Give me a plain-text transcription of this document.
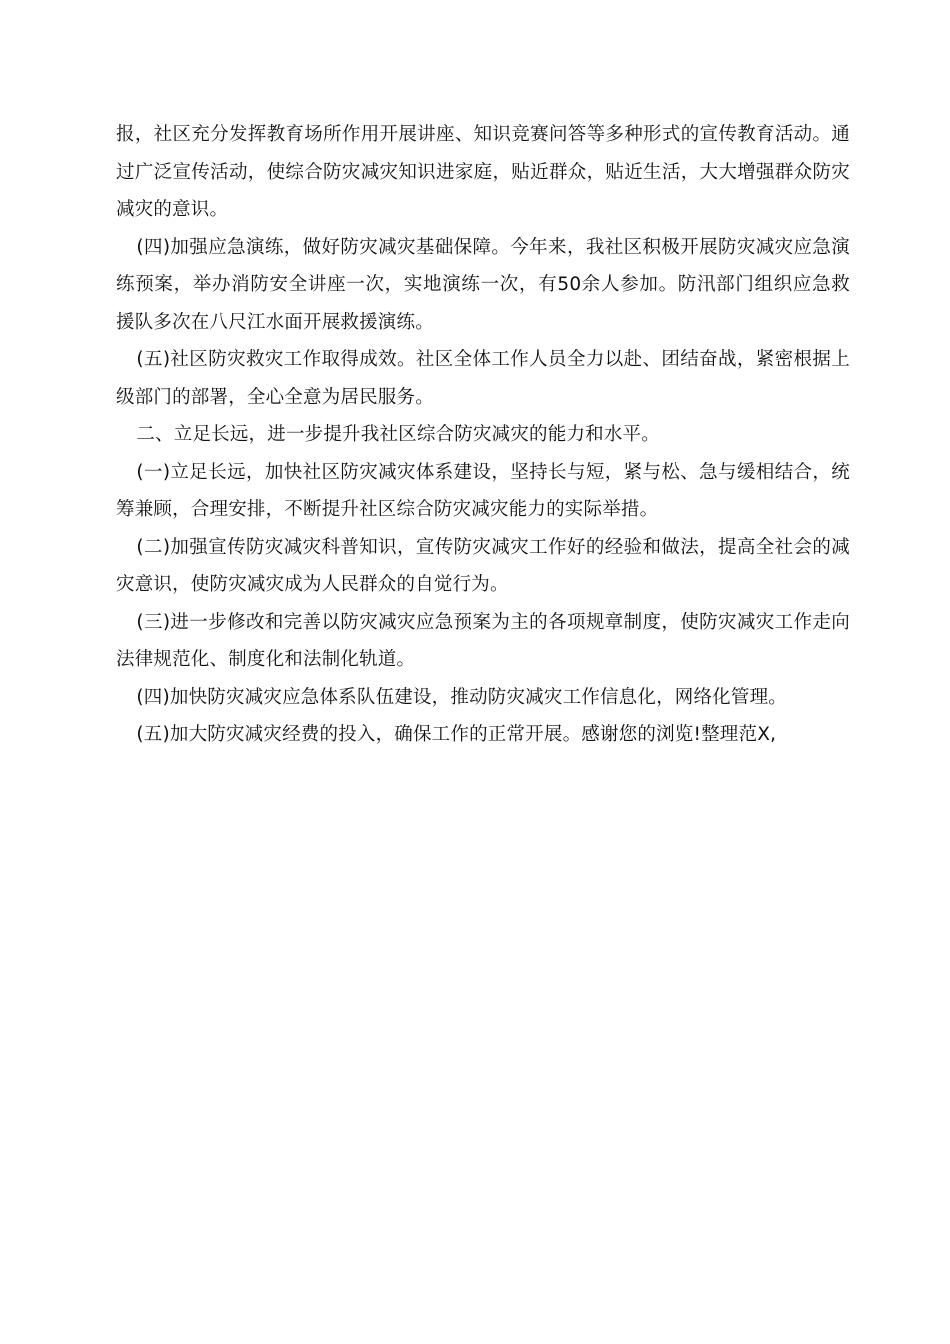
报，社区充分发挥教育场所作用开展讲座、知识竞赛问答等多种形式的宣传教育活动。通过广泛宣传活动，使综合防灾减灾知识进家庭，贴近群众，贴近生活，大大增强群众防灾减灾的意识。

(四)加强应急演练，做好防灾减灾基础保障。今年来，我社区积极开展防灾减灾应急演练预案，举办消防安全讲座一次，实地演练一次，有50余人参加。防汛部门组织应急救援队多次在八尺江水面开展救援演练。

(五)社区防灾救灾工作取得成效。社区全体工作人员全力以赴、团结奋战，紧密根据上级部门的部署，全心全意为居民服务。

二、立足长远，进一步提升我社区综合防灾减灾的能力和水平。

(一)立足长远，加快社区防灾减灾体系建设，坚持长与短，紧与松、急与缓相结合，统筹兼顾，合理安排，不断提升社区综合防灾减灾能力的实际举措。

(二)加强宣传防灾减灾科普知识，宣传防灾减灾工作好的经验和做法，提高全社会的减灾意识，使防灾减灾成为人民群众的自觉行为。

(三)进一步修改和完善以防灾减灾应急预案为主的各项规章制度，使防灾减灾工作走向法律规范化、制度化和法制化轨道。

(四)加快防灾减灾应急体系队伍建设，推动防灾减灾工作信息化，网络化管理。

(五)加大防灾减灾经费的投入，确保工作的正常开展。感谢您的浏览!整理范X,
